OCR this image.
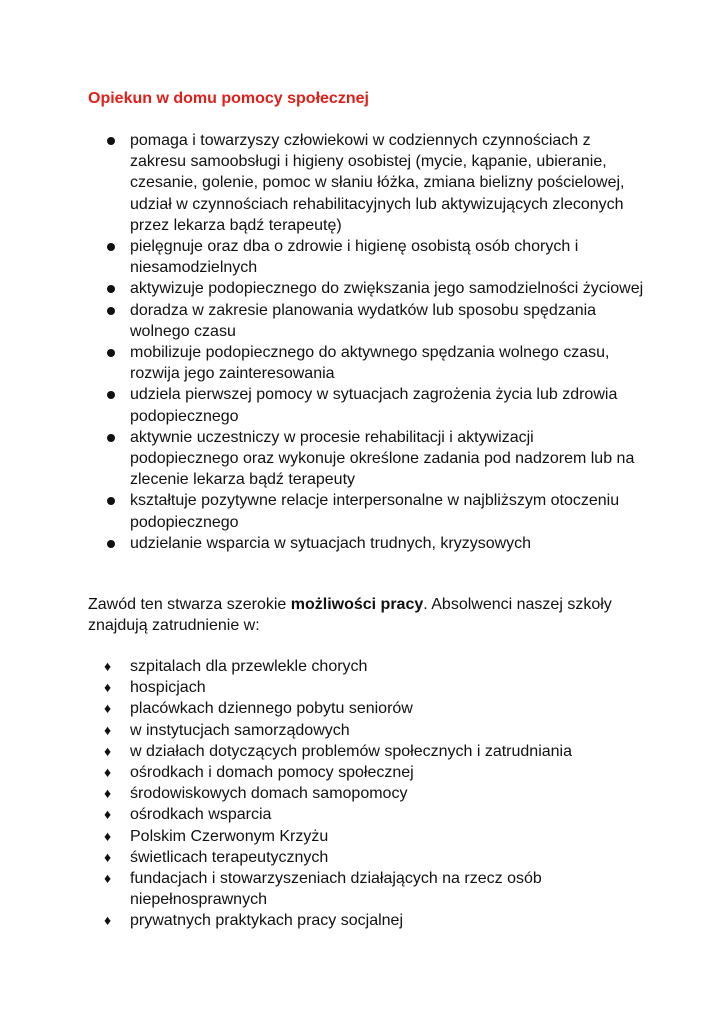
Opiekun w domu pomocy społecznej
pomaga i towarzyszy człowiekowi w codziennych czynnościach z zakresu samoobsługi i higieny osobistej (mycie, kąpanie, ubieranie, czesanie, golenie, pomoc w słaniu łóżka, zmiana bielizny pościelowej, udział w czynnościach rehabilitacyjnych lub aktywizujących zleconych przez lekarza bądź terapeutę)
pielęgnuje oraz dba o zdrowie i higienę osobistą osób chorych i niesamodzielnych
aktywizuje podopiecznego do zwiększania jego samodzielności życiowej
doradza w zakresie planowania wydatków lub sposobu spędzania wolnego czasu
mobilizuje podopiecznego do aktywnego spędzania wolnego czasu, rozwija jego zainteresowania
udziela pierwszej pomocy w sytuacjach zagrożenia życia lub zdrowia podopiecznego
aktywnie uczestniczy w procesie rehabilitacji i aktywizacji podopiecznego oraz wykonuje określone zadania pod nadzorem lub na zlecenie lekarza bądź terapeuty
kształtuje pozytywne relacje interpersonalne w najbliższym otoczeniu podopiecznego
udzielanie wsparcia w sytuacjach trudnych, kryzysowych

Zawód ten stwarza szerokie możliwości pracy. Absolwenci naszej szkoły znajdują zatrudnienie w:

♦ szpitalach dla przewlekle chorych
♦ hospicjach
♦ placówkach dziennego pobytu seniorów
♦ w instytucjach samorządowych
♦ w działach dotyczących problemów społecznych i zatrudniania
♦ ośrodkach i domach pomocy społecznej
♦ środowiskowych domach samopomocy
♦ ośrodkach wsparcia
♦ Polskim Czerwonym Krzyżu
♦ świetlicach terapeutycznych
♦ fundacjach i stowarzyszeniach działających na rzecz osób niepełnosprawnych
♦ prywatnych praktykach pracy socjalnej
